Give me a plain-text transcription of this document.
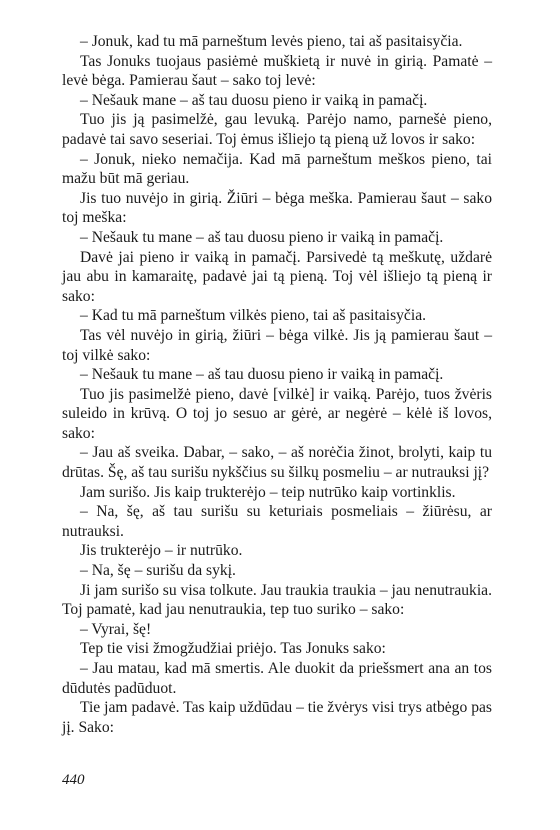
– Jonuk, kad tu mā parneštum levės pieno, tai aš pasitaisyčia.

Tas Jonuks tuojaus pasiėmė muškietą ir nuvė in girią. Pamatė – levė bėga. Pamierau šaut – sako toj levė:

– Nešauk mane – aš tau duosu pieno ir vaiką in pamačį.

Tuo jis ją pasimelžė, gau levuką. Parėjo namo, parnešė pieno, padavė tai savo seseriai. Toj ėmus išliejo tą pieną už lovos ir sako:

– Jonuk, nieko nemačija. Kad mā parneštum meškos pieno, tai mažu būt mā geriau.

Jis tuo nuvėjo in girią. Žiūri – bėga meška. Pamierau šaut – sako toj meška:

– Nešauk tu mane – aš tau duosu pieno ir vaiką in pamačį.

Davė jai pieno ir vaiką in pamačį. Parsivedė tą meškutę, uždarė jau abu in kamaraitę, padavė jai tą pieną. Toj vėl išliejo tą pieną ir sako:

– Kad tu mā parneštum vilkės pieno, tai aš pasitaisyčia.

Tas vėl nuvėjo in girią, žiūri – bėga vilkė. Jis ją pamierau šaut – toj vilkė sako:

– Nešauk tu mane – aš tau duosu pieno ir vaiką in pamačį.

Tuo jis pasimelžė pieno, davė [vilkė] ir vaiką. Parėjo, tuos žvėris suleido in krūvą. O toj jo sesuo ar gėrė, ar negėrė – kėlė iš lovos, sako:

– Jau aš sveika. Dabar, – sako, – aš norėčia žinot, brolyti, kaip tu drūtas. Šę, aš tau surišu nykščius su šilkų posmeliu – ar nutrauksi jį?

Jam surišo. Jis kaip trukterėjo – teip nutrūko kaip vortinklis.

– Na, šę, aš tau surišu su keturiais posmeliais – žiūrėsu, ar nutrauksi.

Jis trukterėjo – ir nutrūko.

– Na, šę – surišu da sykį.

Ji jam surišo su visa tolkute. Jau traukia traukia – jau nenutraukia. Toj pamatė, kad jau nenutraukia, tep tuo suriko – sako:

– Vyrai, šę!

Tep tie visi žmogžudžiai priėjo. Tas Jonuks sako:

– Jau matau, kad mā smertis. Ale duokit da priešsmert ana an tos dūdutės padūduot.

Tie jam padavė. Tas kaip uždūdau – tie žvėrys visi trys atbėgo pas jį. Sako:

440
